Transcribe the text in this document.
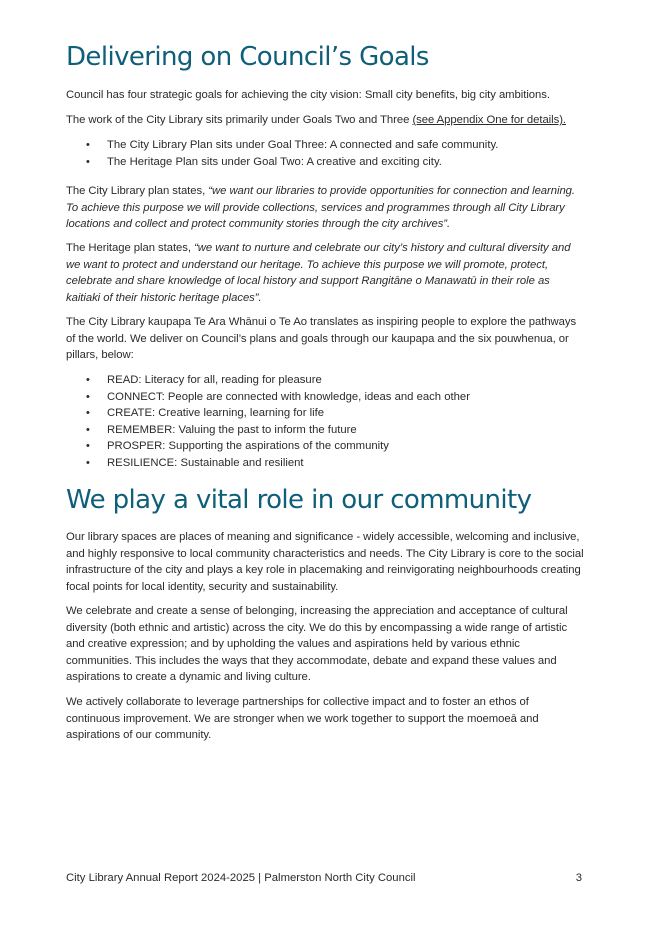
Delivering on Council’s Goals

Council has four strategic goals for achieving the city vision: Small city benefits, big city ambitions.

The work of the City Library sits primarily under Goals Two and Three (see Appendix One for details).

• The City Library Plan sits under Goal Three: A connected and safe community.
• The Heritage Plan sits under Goal Two: A creative and exciting city.

The City Library plan states, “we want our libraries to provide opportunities for connection and learning. To achieve this purpose we will provide collections, services and programmes through all City Library locations and collect and protect community stories through the city archives”.

The Heritage plan states, “we want to nurture and celebrate our city’s history and cultural diversity and we want to protect and understand our heritage. To achieve this purpose we will promote, protect, celebrate and share knowledge of local history and support Rangitāne o Manawatū in their role as kaitiaki of their historic heritage places”.

The City Library kaupapa Te Ara Whānui o Te Ao translates as inspiring people to explore the pathways of the world. We deliver on Council’s plans and goals through our kaupapa and the six pouwhenua, or pillars, below:

• READ: Literacy for all, reading for pleasure
• CONNECT: People are connected with knowledge, ideas and each other
• CREATE: Creative learning, learning for life
• REMEMBER: Valuing the past to inform the future
• PROSPER: Supporting the aspirations of the community
• RESILIENCE: Sustainable and resilient
We play a vital role in our community

Our library spaces are places of meaning and significance - widely accessible, welcoming and inclusive, and highly responsive to local community characteristics and needs. The City Library is core to the social infrastructure of the city and plays a key role in placemaking and reinvigorating neighbourhoods creating focal points for local identity, security and sustainability.

We celebrate and create a sense of belonging, increasing the appreciation and acceptance of cultural diversity (both ethnic and artistic) across the city. We do this by encompassing a wide range of artistic and creative expression; and by upholding the values and aspirations held by various ethnic communities. This includes the ways that they accommodate, debate and expand these values and aspirations to create a dynamic and living culture.

We actively collaborate to leverage partnerships for collective impact and to foster an ethos of continuous improvement. We are stronger when we work together to support the moemoeā and aspirations of our community.

City Library Annual Report 2024-2025 | Palmerston North City Council	3
